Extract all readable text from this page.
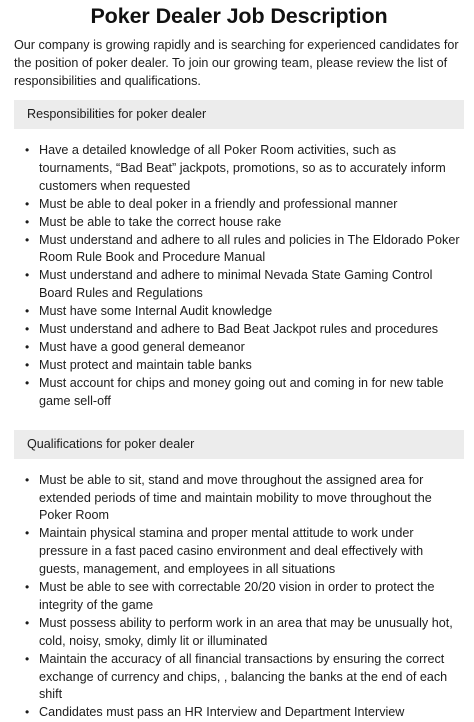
Poker Dealer Job Description

Our company is growing rapidly and is searching for experienced candidates for the position of poker dealer. To join our growing team, please review the list of responsibilities and qualifications.

Responsibilities for poker dealer
• Have a detailed knowledge of all Poker Room activities, such as tournaments, “Bad Beat” jackpots, promotions, so as to accurately inform customers when requested
• Must be able to deal poker in a friendly and professional manner
• Must be able to take the correct house rake
• Must understand and adhere to all rules and policies in The Eldorado Poker Room Rule Book and Procedure Manual
• Must understand and adhere to minimal Nevada State Gaming Control Board Rules and Regulations
• Must have some Internal Audit knowledge
• Must understand and adhere to Bad Beat Jackpot rules and procedures
• Must have a good general demeanor
• Must protect and maintain table banks
• Must account for chips and money going out and coming in for new table game sell-off
Qualifications for poker dealer
• Must be able to sit, stand and move throughout the assigned area for extended periods of time and maintain mobility to move throughout the Poker Room
• Maintain physical stamina and proper mental attitude to work under pressure in a fast paced casino environment and deal effectively with guests, management, and employees in all situations
• Must be able to see with correctable 20/20 vision in order to protect the integrity of the game
• Must possess ability to perform work in an area that may be unusually hot, cold, noisy, smoky, dimly lit or illuminated
• Maintain the accuracy of all financial transactions by ensuring the correct exchange of currency and chips, , balancing the banks at the end of each shift
• Candidates must pass an HR Interview and Department Interview
